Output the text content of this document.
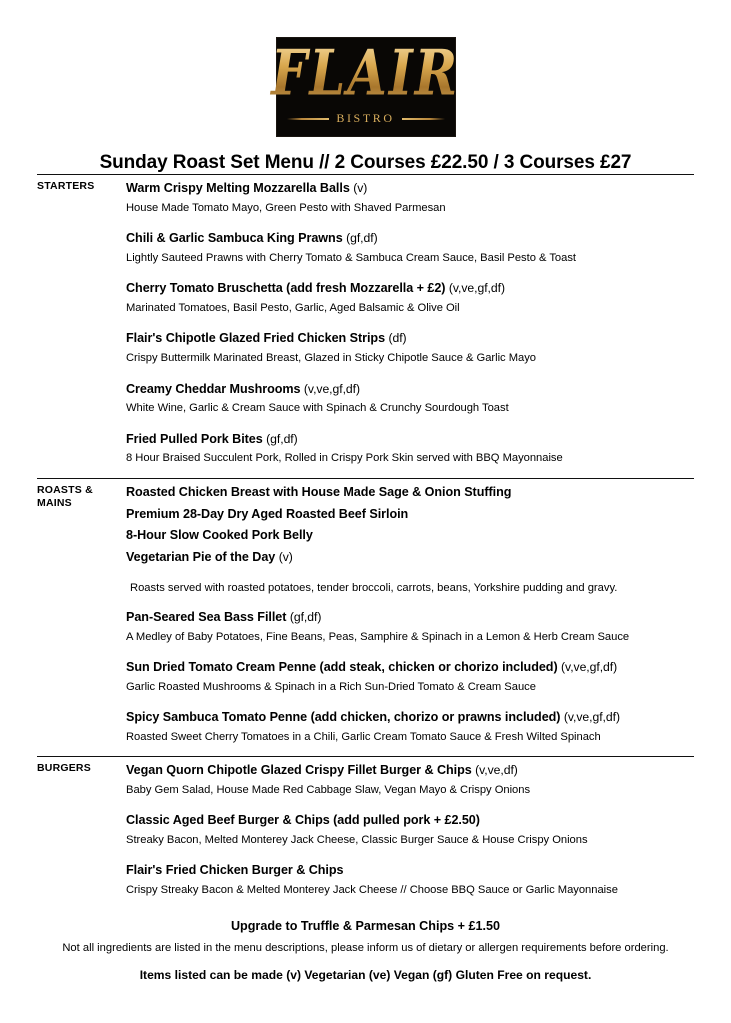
FLAIR
BISTRO
Sunday Roast Set Menu // 2 Courses £22.50 / 3 Courses £27
STARTERS	Warm Crispy Melting Mozzarella Balls (v)
House Made Tomato Mayo, Green Pesto with Shaved Parmesan
Chili & Garlic Sambuca King Prawns (gf,df)
Lightly Sauteed Prawns with Cherry Tomato & Sambuca Cream Sauce, Basil Pesto & Toast
Cherry Tomato Bruschetta (add fresh Mozzarella + £2) (v,ve,gf,df)
Marinated Tomatoes, Basil Pesto, Garlic, Aged Balsamic & Olive Oil
Flair's Chipotle Glazed Fried Chicken Strips (df)
Crispy Buttermilk Marinated Breast, Glazed in Sticky Chipotle Sauce & Garlic Mayo
Creamy Cheddar Mushrooms (v,ve,gf,df)
White Wine, Garlic & Cream Sauce with Spinach & Crunchy Sourdough Toast
Fried Pulled Pork Bites (gf,df)
8 Hour Braised Succulent Pork, Rolled in Crispy Pork Skin served with BBQ Mayonnaise
ROASTS &
MAINS
Roasted Chicken Breast with House Made Sage & Onion Stuffing
Premium 28-Day Dry Aged Roasted Beef Sirloin
8-Hour Slow Cooked Pork Belly
Vegetarian Pie of the Day (v)
Roasts served with roasted potatoes, tender broccoli, carrots, beans, Yorkshire pudding and gravy.
Pan-Seared Sea Bass Fillet (gf,df)
A Medley of Baby Potatoes, Fine Beans, Peas, Samphire & Spinach in a Lemon & Herb Cream Sauce
Sun Dried Tomato Cream Penne (add steak, chicken or chorizo included) (v,ve,gf,df)
Garlic Roasted Mushrooms & Spinach in a Rich Sun-Dried Tomato & Cream Sauce
Spicy Sambuca Tomato Penne (add chicken, chorizo or prawns included) (v,ve,gf,df)
Roasted Sweet Cherry Tomatoes in a Chili, Garlic Cream Tomato Sauce & Fresh Wilted Spinach
BURGERS	Vegan Quorn Chipotle Glazed Crispy Fillet Burger & Chips (v,ve,df)
Baby Gem Salad, House Made Red Cabbage Slaw, Vegan Mayo & Crispy Onions
Classic Aged Beef Burger & Chips (add pulled pork + £2.50)
Streaky Bacon, Melted Monterey Jack Cheese, Classic Burger Sauce & House Crispy Onions
Flair's Fried Chicken Burger & Chips
Crispy Streaky Bacon & Melted Monterey Jack Cheese // Choose BBQ Sauce or Garlic Mayonnaise
Upgrade to Truffle & Parmesan Chips + £1.50
Not all ingredients are listed in the menu descriptions, please inform us of dietary or allergen requirements before ordering.
Items listed can be made (v) Vegetarian (ve) Vegan (gf) Gluten Free on request.
